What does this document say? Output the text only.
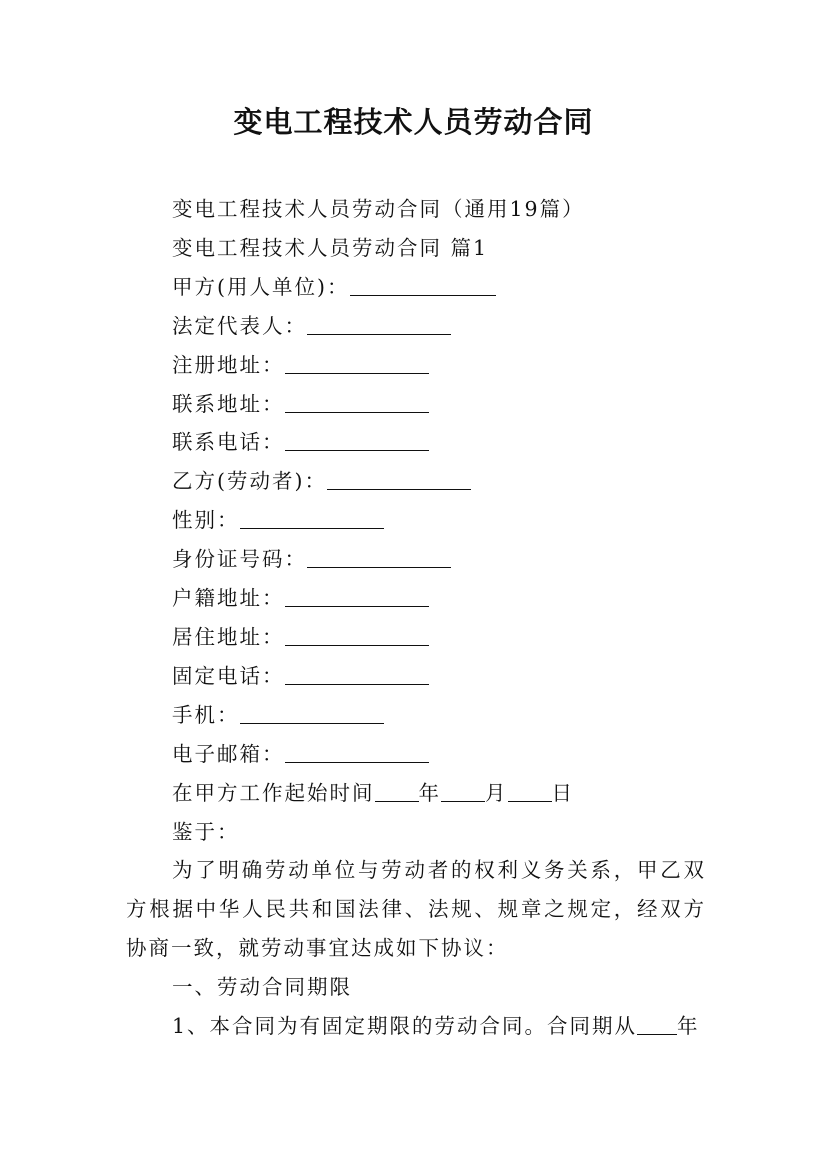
变电工程技术人员劳动合同
变电工程技术人员劳动合同（通用19篇）
变电工程技术人员劳动合同 篇1
甲方(用人单位)：
法定代表人：
注册地址：
联系地址：
联系电话：
乙方(劳动者)：
性别：
身份证号码：
户籍地址：
居住地址：
固定电话：
手机：
电子邮箱：
在甲方工作起始时间 年 月 日
鉴于：
为了明确劳动单位与劳动者的权利义务关系，甲乙双方根据中华人民共和国法律、法规、规章之规定，经双方协商一致，就劳动事宜达成如下协议：
一、劳动合同期限
1、本合同为有固定期限的劳动合同。合同期从 年
